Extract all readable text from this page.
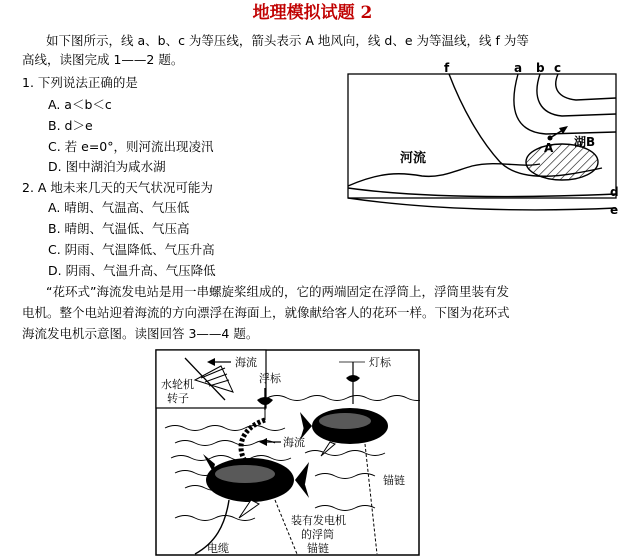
地理模拟试题 2
如下图所示，线 a、b、c 为等压线，箭头表示 A 地风向，线 d、e 为等温线，线 f 为等
高线，读图完成 1——2 题。
1. 下列说法正确的是
A. a＜b＜c
B. d＞e
C. 若 e=0°，则河流出现凌汛
D. 图中湖泊为咸水湖
2. A 地未来几天的天气状况可能为
A. 晴朗、气温高、气压低
B. 晴朗、气温低、气压高
C. 阴雨、气温降低、气压升高
D. 阴雨、气温升高、气压降低
“花环式”海流发电站是用一串螺旋桨组成的，它的两端固定在浮筒上，浮筒里装有发
电机。整个电站迎着海流的方向漂浮在海面上，就像献给客人的花环一样。下图为花环式
海流发电机示意图。读图回答 3——4 题。
f	a b c
河流
A 湖B
d
e
海流
水轮机
转子
浮标
灯标
海流
锚链
装有发电机
的浮筒
电缆	锚链
